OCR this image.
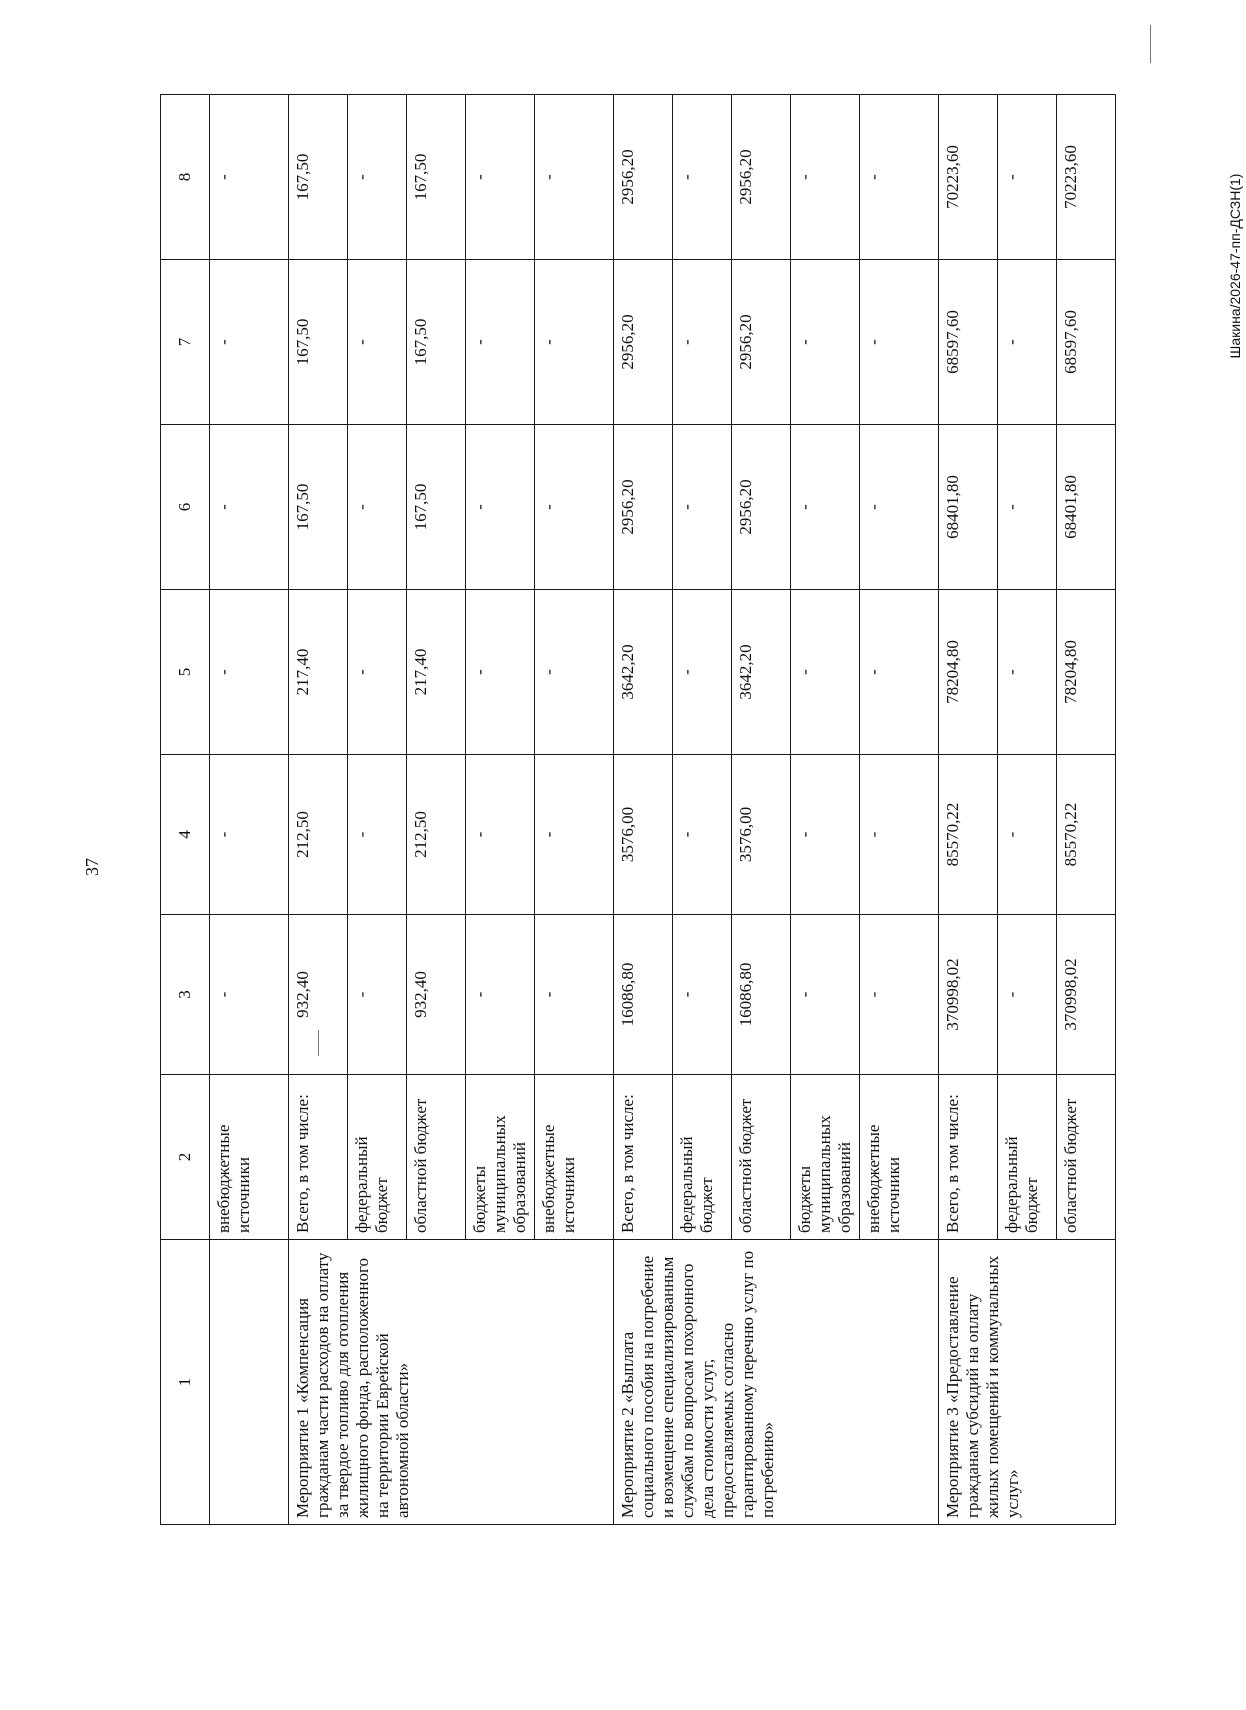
37
Шакина/2026-47-пп-ДСЗН(1)
1	2	3	4	5	6	7	8
	внебюджетные источники	-	-	-	-	-	-
Мероприятие 1 «Компенсация гражданам части расходов на оплату за твердое топливо для отопления жилищного фонда, расположенного на территории Еврейской автономной области»	Всего, в том числе:	932,40	212,50	217,40	167,50	167,50	167,50
	федеральный бюджет	-	-	-	-	-	-
	областной бюджет	932,40	212,50	217,40	167,50	167,50	167,50
	бюджеты муниципальных образований	-	-	-	-	-	-
	внебюджетные источники	-	-	-	-	-	-
Мероприятие 2 «Выплата социального пособия на погребение и возмещение специализированным службам по вопросам похоронного дела стоимости услуг, предоставляемых согласно гарантированному перечню услуг по погребению»	Всего, в том числе:	16086,80	3576,00	3642,20	2956,20	2956,20	2956,20
	федеральный бюджет	-	-	-	-	-	-
	областной бюджет	16086,80	3576,00	3642,20	2956,20	2956,20	2956,20
	бюджеты муниципальных образований	-	-	-	-	-	-
	внебюджетные источники	-	-	-	-	-	-
Мероприятие 3 «Предоставление гражданам субсидий на оплату жилых помещений и коммунальных услуг»	Всего, в том числе:	370998,02	85570,22	78204,80	68401,80	68597,60	70223,60
	федеральный бюджет	-	-	-	-	-	-
	областной бюджет	370998,02	85570,22	78204,80	68401,80	68597,60	70223,60
